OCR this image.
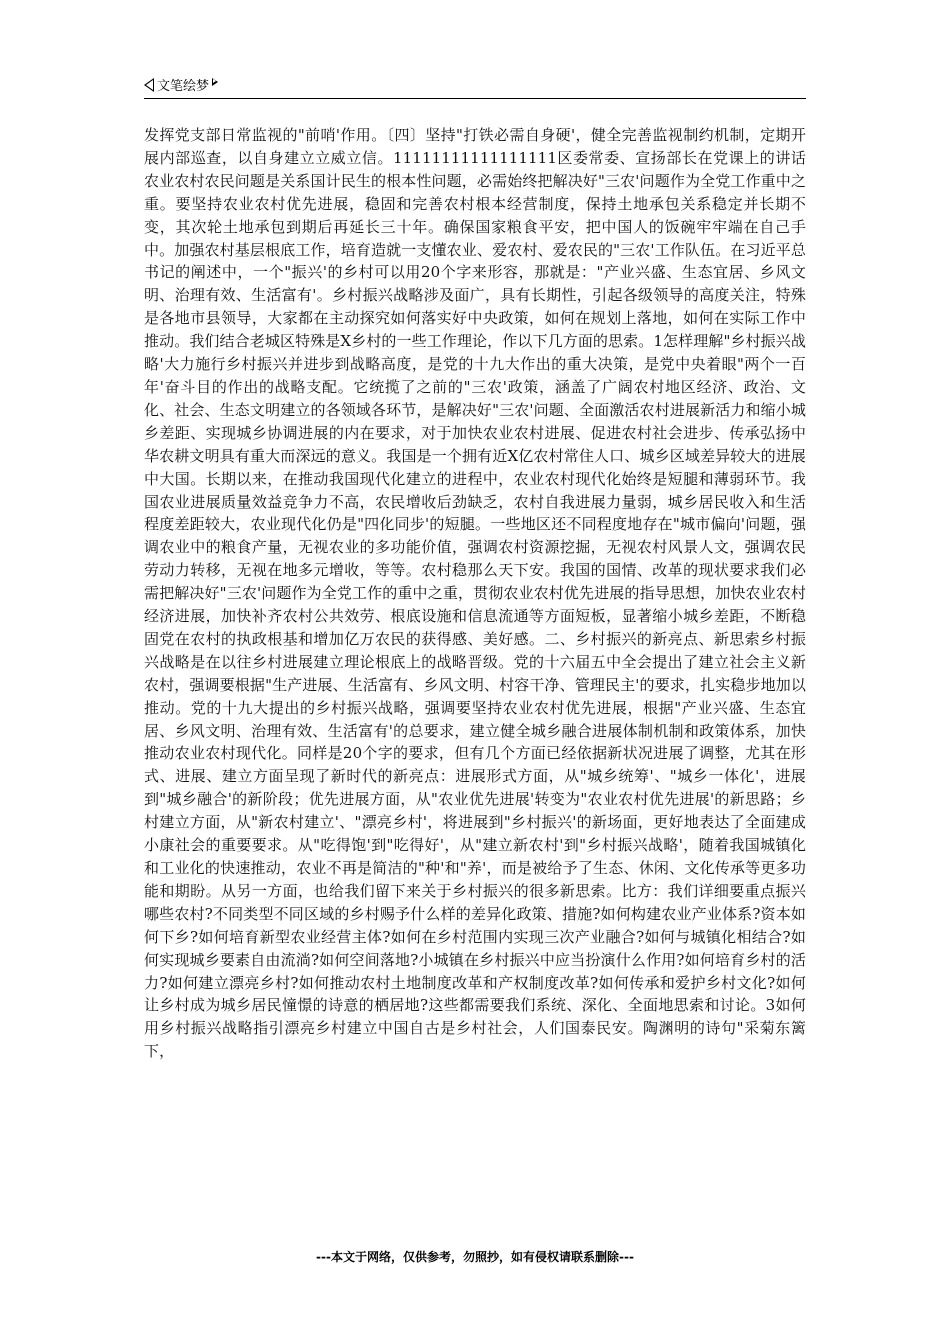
文笔绘梦

发挥党支部日常监视的"前哨'作用。〔四〕坚持"打铁必需自身硬'，健全完善监视制约机制，定期开展内部巡查，以自身建立立威立信。11111111111111111区委常委、宣扬部长在党课上的讲话农业农村农民问题是关系国计民生的根本性问题，必需始终把解决好"三农'问题作为全党工作重中之重。要坚持农业农村优先进展，稳固和完善农村根本经营制度，保持土地承包关系稳定并长期不变，其次轮土地承包到期后再延长三十年。确保国家粮食平安，把中国人的饭碗牢牢端在自己手中。加强农村基层根底工作，培育造就一支懂农业、爱农村、爱农民的"三农'工作队伍。在习近平总书记的阐述中，一个"振兴'的乡村可以用20个字来形容，那就是："产业兴盛、生态宜居、乡风文明、治理有效、生活富有'。乡村振兴战略涉及面广，具有长期性，引起各级领导的高度关注，特殊是各地市县领导，大家都在主动探究如何落实好中央政策，如何在规划上落地，如何在实际工作中推动。我们结合老城区特殊是X乡村的一些工作理论，作以下几方面的思索。1怎样理解"乡村振兴战略'大力施行乡村振兴并进步到战略高度，是党的十九大作出的重大决策，是党中央着眼"两个一百年'奋斗目的作出的战略支配。它统揽了之前的"三农'政策，涵盖了广阔农村地区经济、政治、文化、社会、生态文明建立的各领域各环节，是解决好"三农'问题、全面激活农村进展新活力和缩小城乡差距、实现城乡协调进展的内在要求，对于加快农业农村进展、促进农村社会进步、传承弘扬中华农耕文明具有重大而深远的意义。我国是一个拥有近X亿农村常住人口、城乡区域差异较大的进展中大国。长期以来，在推动我国现代化建立的进程中，农业农村现代化始终是短腿和薄弱环节。我国农业进展质量效益竞争力不高，农民增收后劲缺乏，农村自我进展力量弱，城乡居民收入和生活程度差距较大，农业现代化仍是"四化同步'的短腿。一些地区还不同程度地存在"城市偏向'问题，强调农业中的粮食产量，无视农业的多功能价值，强调农村资源挖掘，无视农村风景人文，强调农民劳动力转移，无视在地多元增收，等等。农村稳那么天下安。我国的国情、改革的现状要求我们必需把解决好"三农'问题作为全党工作的重中之重，贯彻农业农村优先进展的指导思想，加快农业农村经济进展，加快补齐农村公共效劳、根底设施和信息流通等方面短板，显著缩小城乡差距，不断稳固党在农村的执政根基和增加亿万农民的获得感、美好感。二、乡村振兴的新亮点、新思索乡村振兴战略是在以往乡村进展建立理论根底上的战略晋级。党的十六届五中全会提出了建立社会主义新农村，强调要根据"生产进展、生活富有、乡风文明、村容干净、管理民主'的要求，扎实稳步地加以推动。党的十九大提出的乡村振兴战略，强调要坚持农业农村优先进展，根据"产业兴盛、生态宜居、乡风文明、治理有效、生活富有'的总要求，建立健全城乡融合进展体制机制和政策体系，加快推动农业农村现代化。同样是20个字的要求，但有几个方面已经依据新状况进展了调整，尤其在形式、进展、建立方面呈现了新时代的新亮点：进展形式方面，从"城乡统筹'、"城乡一体化'，进展到"城乡融合'的新阶段；优先进展方面，从"农业优先进展'转变为"农业农村优先进展'的新思路；乡村建立方面，从"新农村建立'、"漂亮乡村'，将进展到"乡村振兴'的新场面，更好地表达了全面建成小康社会的重要要求。从"吃得饱'到"吃得好'，从"建立新农村'到"乡村振兴战略'，随着我国城镇化和工业化的快速推动，农业不再是简洁的"种'和"养'，而是被给予了生态、休闲、文化传承等更多功能和期盼。从另一方面，也给我们留下来关于乡村振兴的很多新思索。比方：我们详细要重点振兴哪些农村?不同类型不同区域的乡村赐予什么样的差异化政策、措施?如何构建农业产业体系?资本如何下乡?如何培育新型农业经营主体?如何在乡村范围内实现三次产业融合?如何与城镇化相结合?如何实现城乡要素自由流淌?如何空间落地?小城镇在乡村振兴中应当扮演什么作用?如何培育乡村的活力?如何建立漂亮乡村?如何推动农村土地制度改革和产权制度改革?如何传承和爱护乡村文化?如何让乡村成为城乡居民憧憬的诗意的栖居地?这些都需要我们系统、深化、全面地思索和讨论。3如何用乡村振兴战略指引漂亮乡村建立中国自古是乡村社会，人们国泰民安。陶渊明的诗句"采菊东篱下，

---本文于网络，仅供参考，勿照抄，如有侵权请联系删除---
